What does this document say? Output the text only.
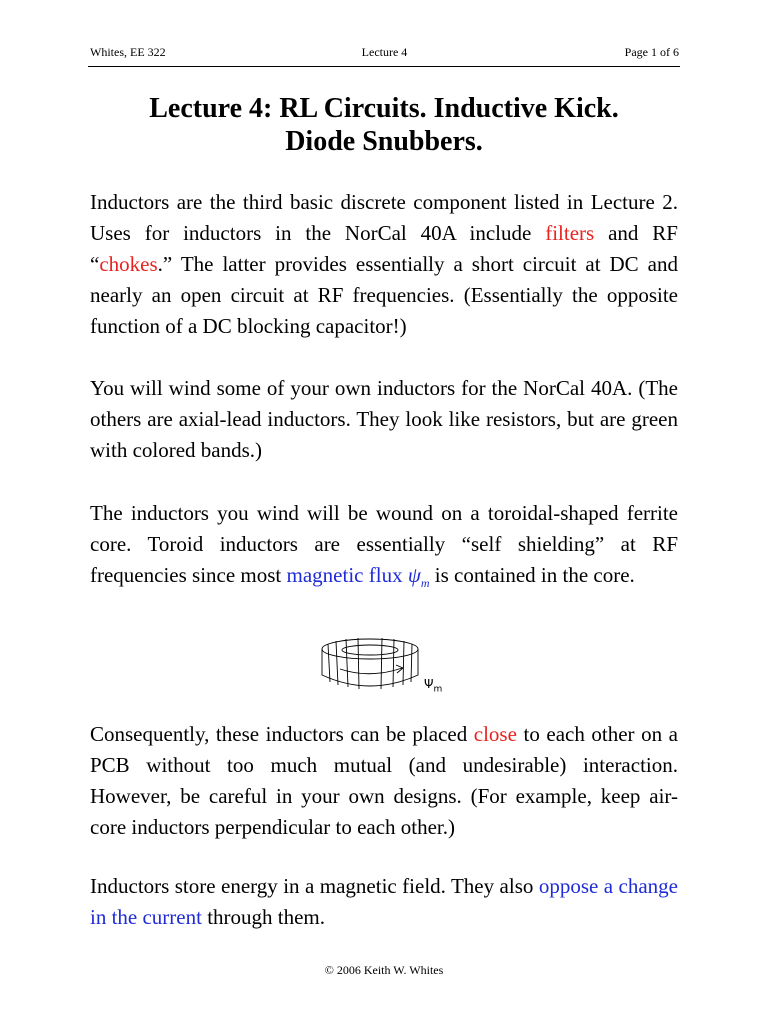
Whites, EE 322	Lecture 4	Page 1 of 6
Lecture 4: RL Circuits. Inductive Kick.
Diode Snubbers.

Inductors are the third basic discrete component listed in Lecture 2. Uses for inductors in the NorCal 40A include filters and RF “chokes.” The latter provides essentially a short circuit at DC and nearly an open circuit at RF frequencies. (Essentially the opposite function of a DC blocking capacitor!)

You will wind some of your own inductors for the NorCal 40A. (The others are axial-lead inductors. They look like resistors, but are green with colored bands.)

The inductors you wind will be wound on a toroidal-shaped ferrite core. Toroid inductors are essentially “self shielding” at RF frequencies since most magnetic flux $\psi_m$ is contained in the core.

$\Psi_m$

Consequently, these inductors can be placed close to each other on a PCB without too much mutual (and undesirable) interaction. However, be careful in your own designs. (For example, keep air-core inductors perpendicular to each other.)

Inductors store energy in a magnetic field. They also oppose a change in the current through them.

© 2006 Keith W. Whites
